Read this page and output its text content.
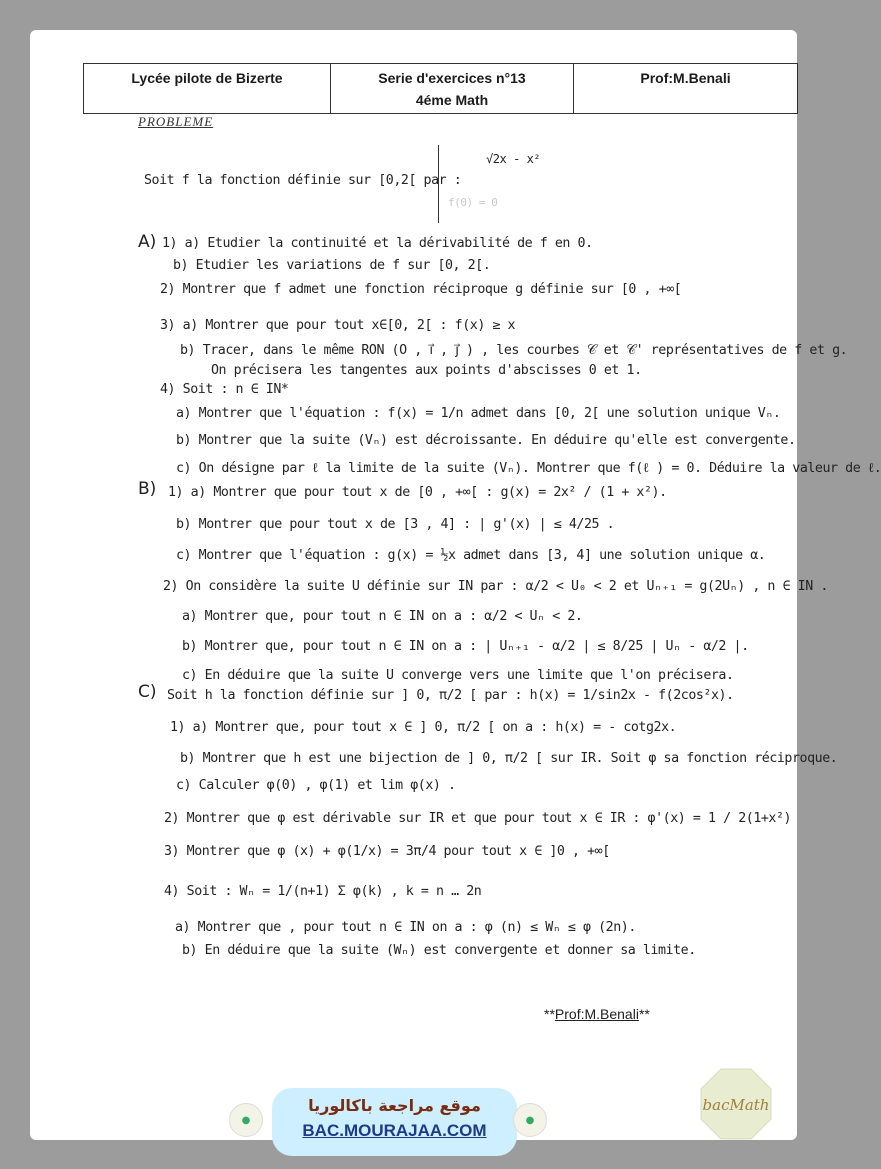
Lycée pilote de Bizerte	Serie d'exercices n°13
4éme Math
Prof:M.Benali
PROBLEME
Soit f la fonction définie sur [0,2[ par :
√2x - x²
f(0) = 0
A) 1) a) Etudier la continuité et la dérivabilité de f en 0.
b) Etudier les variations de f sur [0, 2[.
2) Montrer que f admet une fonction réciproque g définie sur [0 , +∞[
3) a) Montrer que pour tout x∈[0, 2[ : f(x) ≥ x
b) Tracer, dans le même RON (O , i⃗ , j⃗ ) , les courbes 𝒞 et 𝒞' représentatives de f et g.
On précisera les tangentes aux points d'abscisses 0 et 1.
4) Soit : n ∈ IN*
a) Montrer que l'équation : f(x) = 1/n admet dans [0, 2[ une solution unique Vₙ.
b) Montrer que la suite (Vₙ) est décroissante. En déduire qu'elle est convergente.
c) On désigne par ℓ la limite de la suite (Vₙ). Montrer que f(ℓ ) = 0. Déduire la valeur de ℓ.
B) 1) a) Montrer que pour tout x de [0 , +∞[ : g(x) = 2x² / (1 + x²).
b) Montrer que pour tout x de [3 , 4] : | g'(x) | ≤ 4/25 .
c) Montrer que l'équation : g(x) = ½x admet dans [3, 4] une solution unique α.
2) On considère la suite U définie sur IN par : α/2 < U₀ < 2 et Uₙ₊₁ = g(2Uₙ) , n ∈ IN .
a) Montrer que, pour tout n ∈ IN on a : α/2 < Uₙ < 2.
b) Montrer que, pour tout n ∈ IN on a : | Uₙ₊₁ - α/2 | ≤ 8/25 | Uₙ - α/2 |.
c) En déduire que la suite U converge vers une limite que l'on précisera.
C) Soit h la fonction définie sur ] 0, π/2 [ par : h(x) = 1/sin2x - f(2cos²x).
1) a) Montrer que, pour tout x ∈ ] 0, π/2 [ on a : h(x) = - cotg2x.
b) Montrer que h est une bijection de ] 0, π/2 [ sur IR. Soit φ sa fonction réciproque.
c) Calculer φ(0) , φ(1) et lim φ(x) .
2) Montrer que φ est dérivable sur IR et que pour tout x ∈ IR : φ'(x) = 1 / 2(1+x²)
3) Montrer que φ (x) + φ(1/x) = 3π/4 pour tout x ∈ ]0 , +∞[
4) Soit : Wₙ = 1/(n+1) Σ φ(k) , k = n … 2n
a) Montrer que , pour tout n ∈ IN on a : φ (n) ≤ Wₙ ≤ φ (2n).
b) En déduire que la suite (Wₙ) est convergente et donner sa limite.
**Prof:M.Benali**
●
موقع مراجعة باكالوريا
BAC.MOURAJAA.COM
●
bacMath
